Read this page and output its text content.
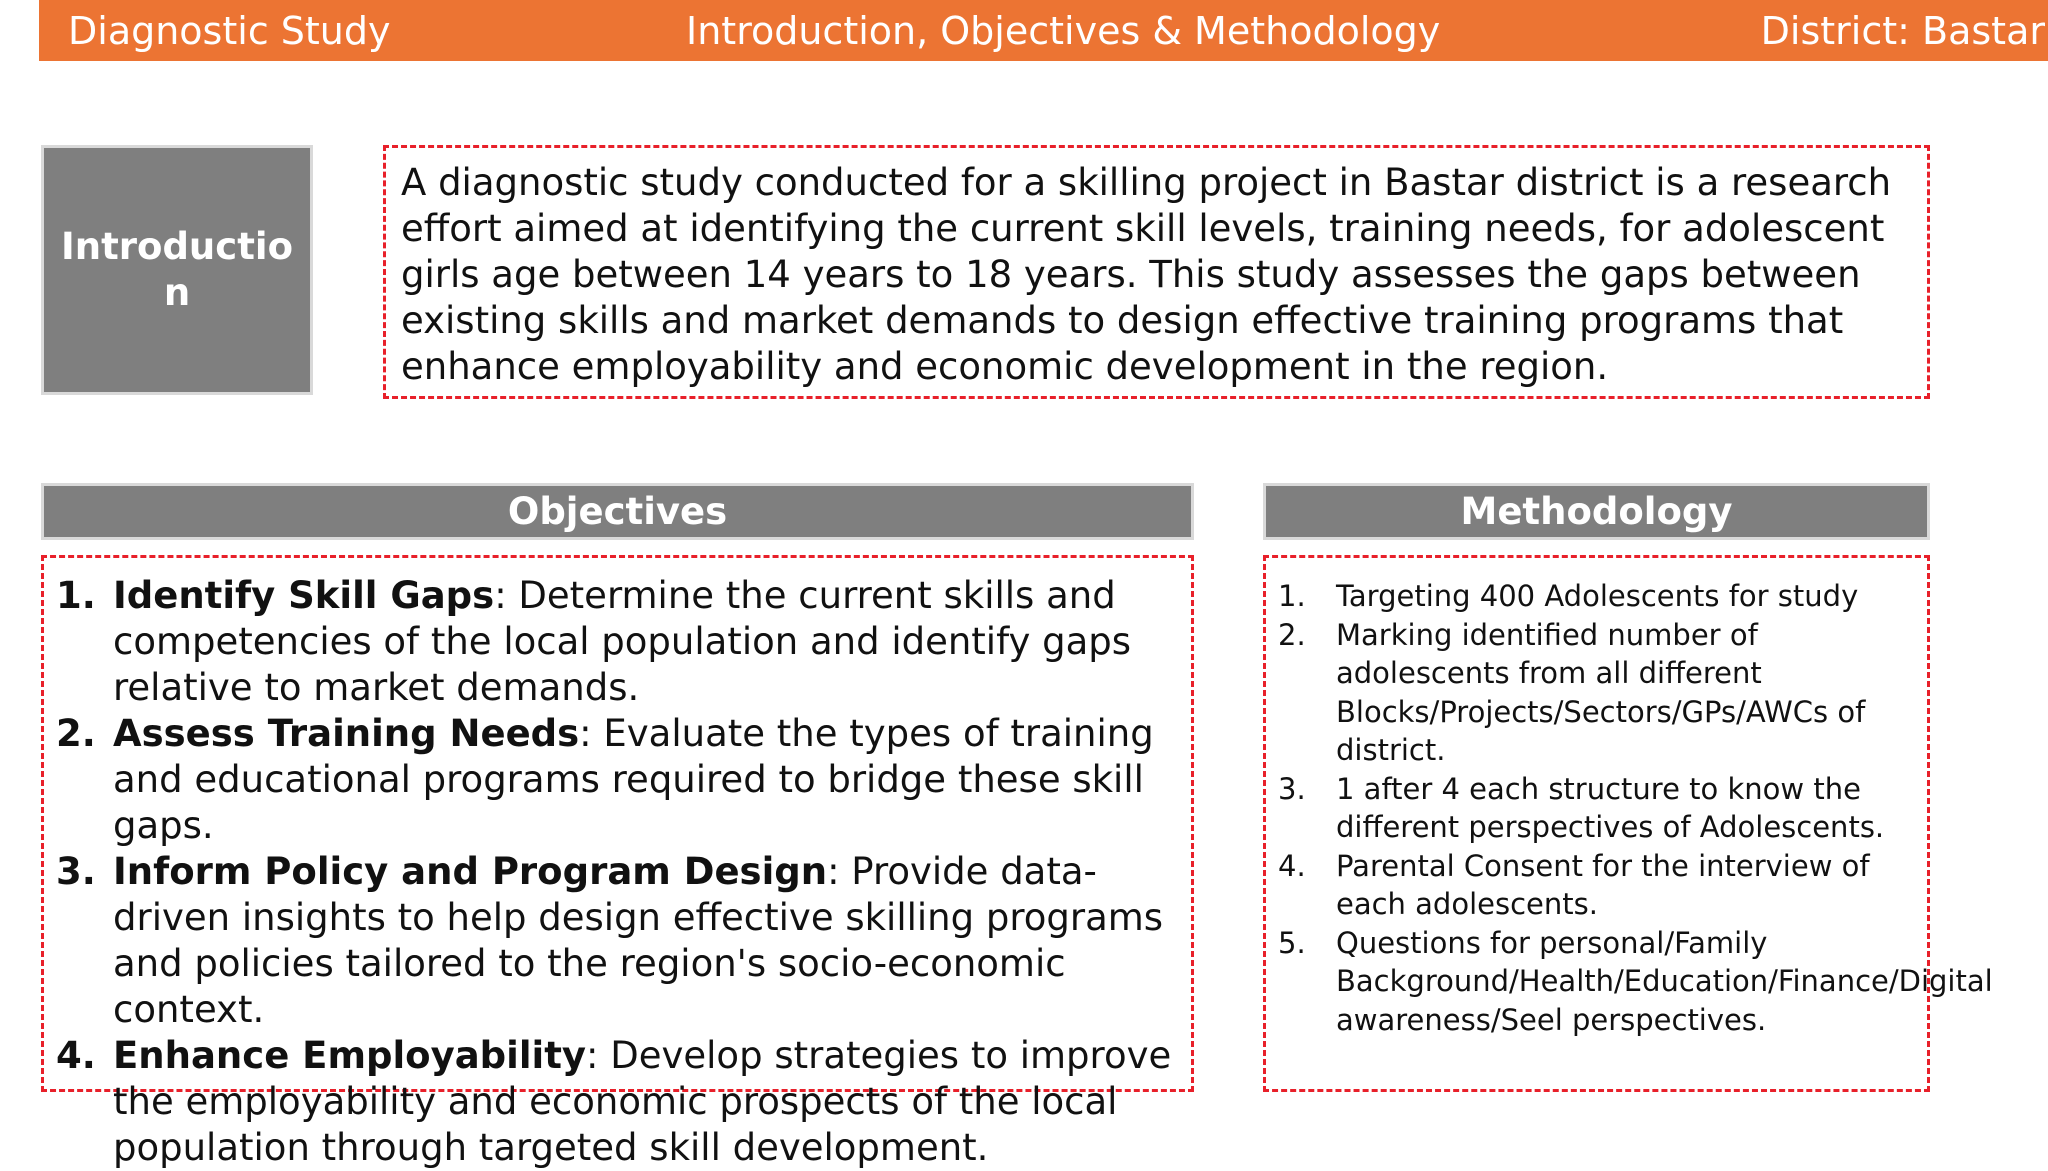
Diagnostic Study	Introduction, Objectives & Methodology	District: Bastar
Introduction
A diagnostic study conducted for a skilling project in Bastar district is a research effort aimed at identifying the current skill levels, training needs, for adolescent girls age between 14 years to 18 years. This study assesses the gaps between existing skills and market demands to design effective training programs that enhance employability and economic development in the region.
Objectives	Methodology
1. Identify Skill Gaps: Determine the current skills and competencies of the local population and identify gaps relative to market demands.
2. Assess Training Needs: Evaluate the types of training and educational programs required to bridge these skill gaps.
3. Inform Policy and Program Design: Provide data-driven insights to help design effective skilling programs and policies tailored to the region's socio-economic context.
4. Enhance Employability: Develop strategies to improve the employability and economic prospects of the local population through targeted skill development.
1.	Targeting 400 Adolescents for study
2.	Marking identified number of adolescents from all different Blocks/Projects/Sectors/GPs/AWCs of district.
3.	1 after 4 each structure to know the different perspectives of Adolescents.
4.	Parental Consent for the interview of each adolescents.
5.	Questions for personal/Family Background/Health/Education/Finance/Digital awareness/Seel perspectives.
